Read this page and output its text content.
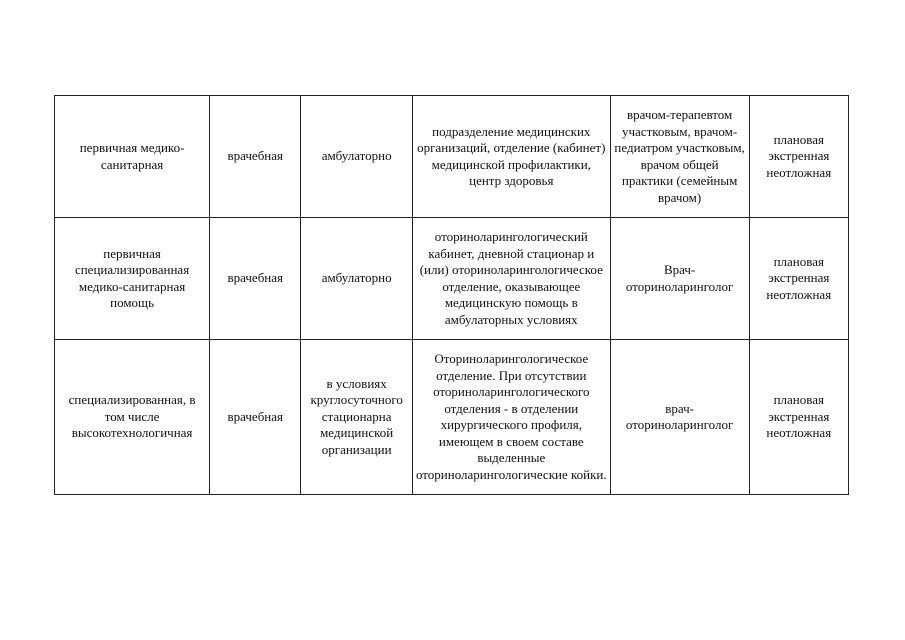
первичная медико-санитарная	врачебная	амбулаторно	подразделение медицинских организаций, отделение (кабинет) медицинской профилактики, центр здоровья	врачом-терапевтом участковым, врачом-педиатром участковым, врачом общей практики (семейным врачом)	плановая экстренная неотложная
первичная специализированная медико-санитарная помощь	врачебная	амбулаторно	оториноларингологический кабинет, дневной стационар и (или) оториноларингологическое отделение, оказывающее медицинскую помощь в амбулаторных условиях	Врач-оториноларинголог	плановая экстренная неотложная
специализированная, в том числе высокотехнологичная	врачебная	в условиях круглосуточного стационарна медицинской организации	Оториноларингологическое отделение. При отсутствии оториноларингологического отделения - в отделении хирургического профиля, имеющем в своем составе выделенные оториноларингологические койки.	врач-оториноларинголог	плановая экстренная неотложная
